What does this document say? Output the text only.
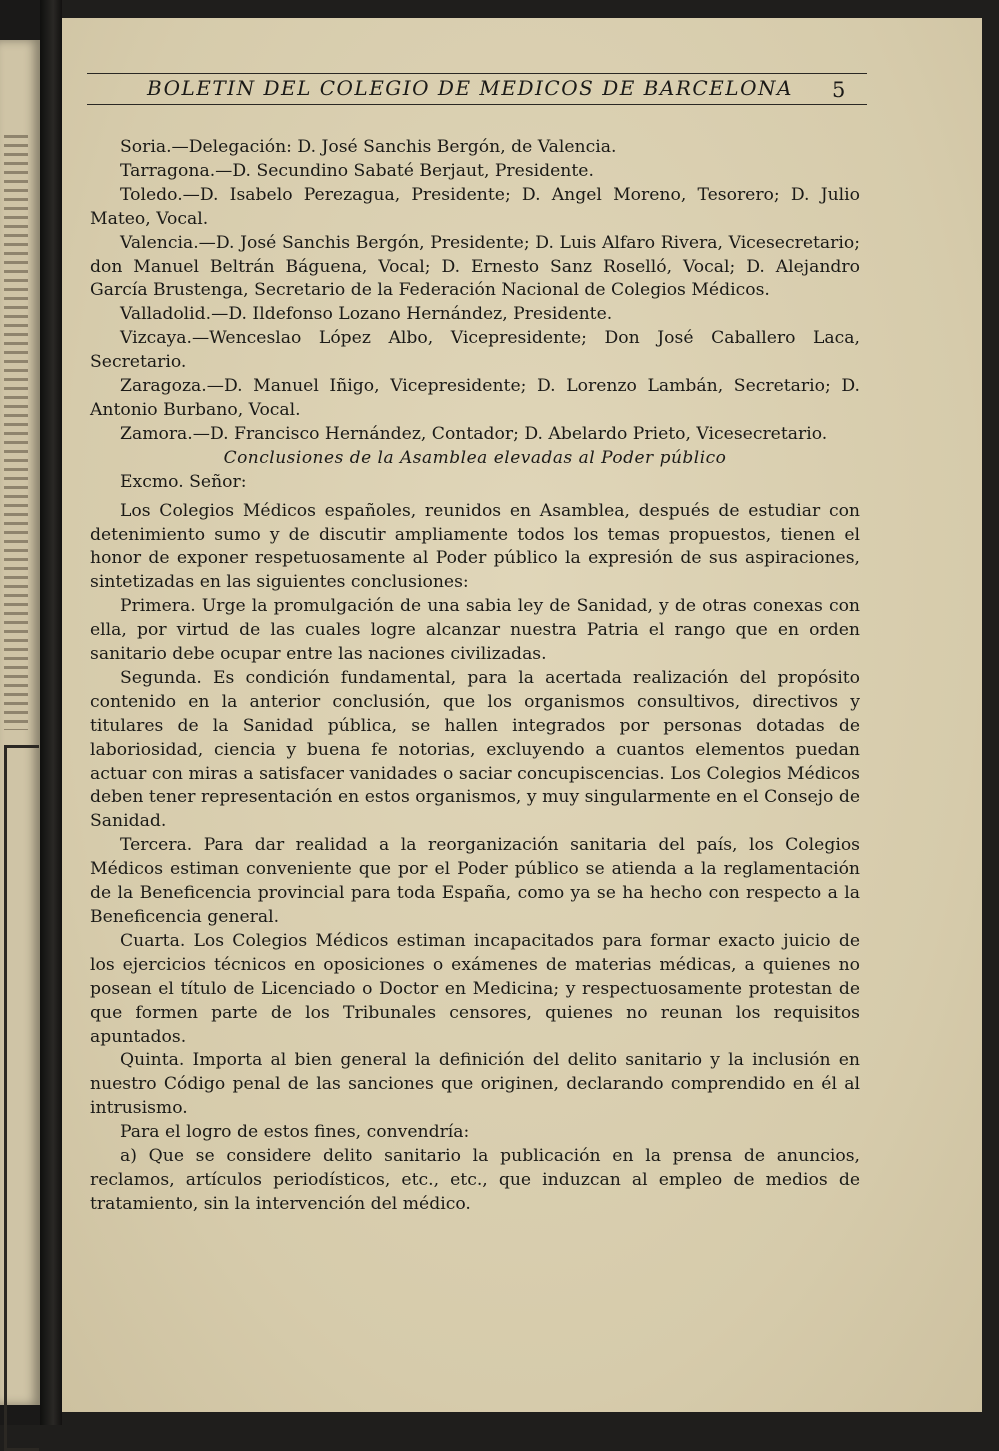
BOLETIN DEL COLEGIO DE MEDICOS DE BARCELONA 5

Soria.—Delegación: D. José Sanchis Bergón, de Valencia.

Tarragona.—D. Secundino Sabaté Berjaut, Presidente.

Toledo.—D. Isabelo Perezagua, Presidente; D. Angel Moreno, Tesorero; D. Julio Mateo, Vocal.

Valencia.—D. José Sanchis Bergón, Presidente; D. Luis Alfaro Rivera, Vicesecretario; don Manuel Beltrán Báguena, Vocal; D. Ernesto Sanz Roselló, Vocal; D. Alejandro García Brustenga, Secretario de la Federación Nacional de Colegios Médicos.

Valladolid.—D. Ildefonso Lozano Hernández, Presidente.

Vizcaya.—Wenceslao López Albo, Vicepresidente; Don José Caballero Laca, Secretario.

Zaragoza.—D. Manuel Iñigo, Vicepresidente; D. Lorenzo Lambán, Secretario; D. Antonio Burbano, Vocal.

Zamora.—D. Francisco Hernández, Contador; D. Abelardo Prieto, Vicesecretario.

Conclusiones de la Asamblea elevadas al Poder público

Excmo. Señor:

Los Colegios Médicos españoles, reunidos en Asamblea, después de estudiar con detenimiento sumo y de discutir ampliamente todos los temas propuestos, tienen el honor de exponer respetuosamente al Poder público la expresión de sus aspiraciones, sintetizadas en las siguientes conclusiones:

Primera. Urge la promulgación de una sabia ley de Sanidad, y de otras conexas con ella, por virtud de las cuales logre alcanzar nuestra Patria el rango que en orden sanitario debe ocupar entre las naciones civilizadas.

Segunda. Es condición fundamental, para la acertada realización del propósito contenido en la anterior conclusión, que los organismos consultivos, directivos y titulares de la Sanidad pública, se hallen integrados por personas dotadas de laboriosidad, ciencia y buena fe notorias, excluyendo a cuantos elementos puedan actuar con miras a satisfacer vanidades o saciar concupiscencias. Los Colegios Médicos deben tener representación en estos organismos, y muy singularmente en el Consejo de Sanidad.

Tercera. Para dar realidad a la reorganización sanitaria del país, los Colegios Médicos estiman conveniente que por el Poder público se atienda a la reglamentación de la Beneficencia provincial para toda España, como ya se ha hecho con respecto a la Beneficencia general.

Cuarta. Los Colegios Médicos estiman incapacitados para formar exacto juicio de los ejercicios técnicos en oposiciones o exámenes de materias médicas, a quienes no posean el título de Licenciado o Doctor en Medicina; y respectuosamente protestan de que formen parte de los Tribunales censores, quienes no reunan los requisitos apuntados.

Quinta. Importa al bien general la definición del delito sanitario y la inclusión en nuestro Código penal de las sanciones que originen, declarando comprendido en él al intrusismo.

Para el logro de estos fines, convendría:

a) Que se considere delito sanitario la publicación en la prensa de anuncios, reclamos, artículos periodísticos, etc., etc., que induzcan al empleo de medios de tratamiento, sin la intervención del médico.
